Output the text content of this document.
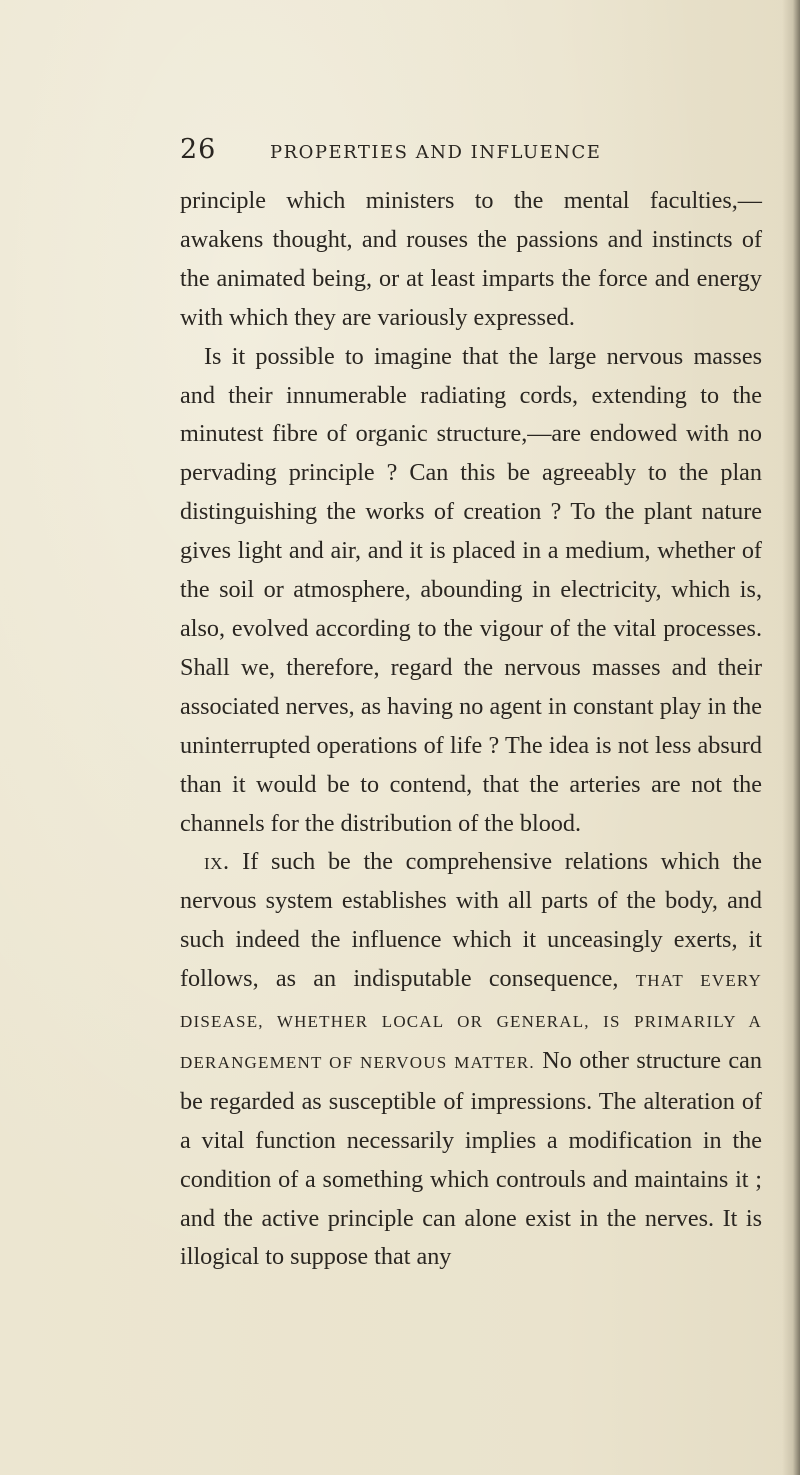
26	PROPERTIES AND INFLUENCE

principle which ministers to the mental faculties,— awakens thought, and rouses the passions and instincts of the animated being, or at least imparts the force and energy with which they are variously expressed.

Is it possible to imagine that the large nervous masses and their innumerable radiating cords, extending to the minutest fibre of organic structure,—are endowed with no pervading principle ? Can this be agreeably to the plan distinguishing the works of creation ? To the plant nature gives light and air, and it is placed in a medium, whether of the soil or atmosphere, abounding in electricity, which is, also, evolved according to the vigour of the vital processes. Shall we, therefore, regard the nervous masses and their associated nerves, as having no agent in constant play in the uninterrupted operations of life ? The idea is not less absurd than it would be to contend, that the arteries are not the channels for the distribution of the blood.

ix. If such be the comprehensive relations which the nervous system establishes with all parts of the body, and such indeed the influence which it unceasingly exerts, it follows, as an indisputable consequence, THAT EVERY DISEASE, WHETHER LOCAL OR GENERAL, IS PRIMARILY A DERANGEMENT OF NERVOUS MATTER. No other structure can be regarded as susceptible of impressions. The alteration of a vital function necessarily implies a modification in the condition of a something which controuls and maintains it ; and the active principle can alone exist in the nerves. It is illogical to suppose that any
